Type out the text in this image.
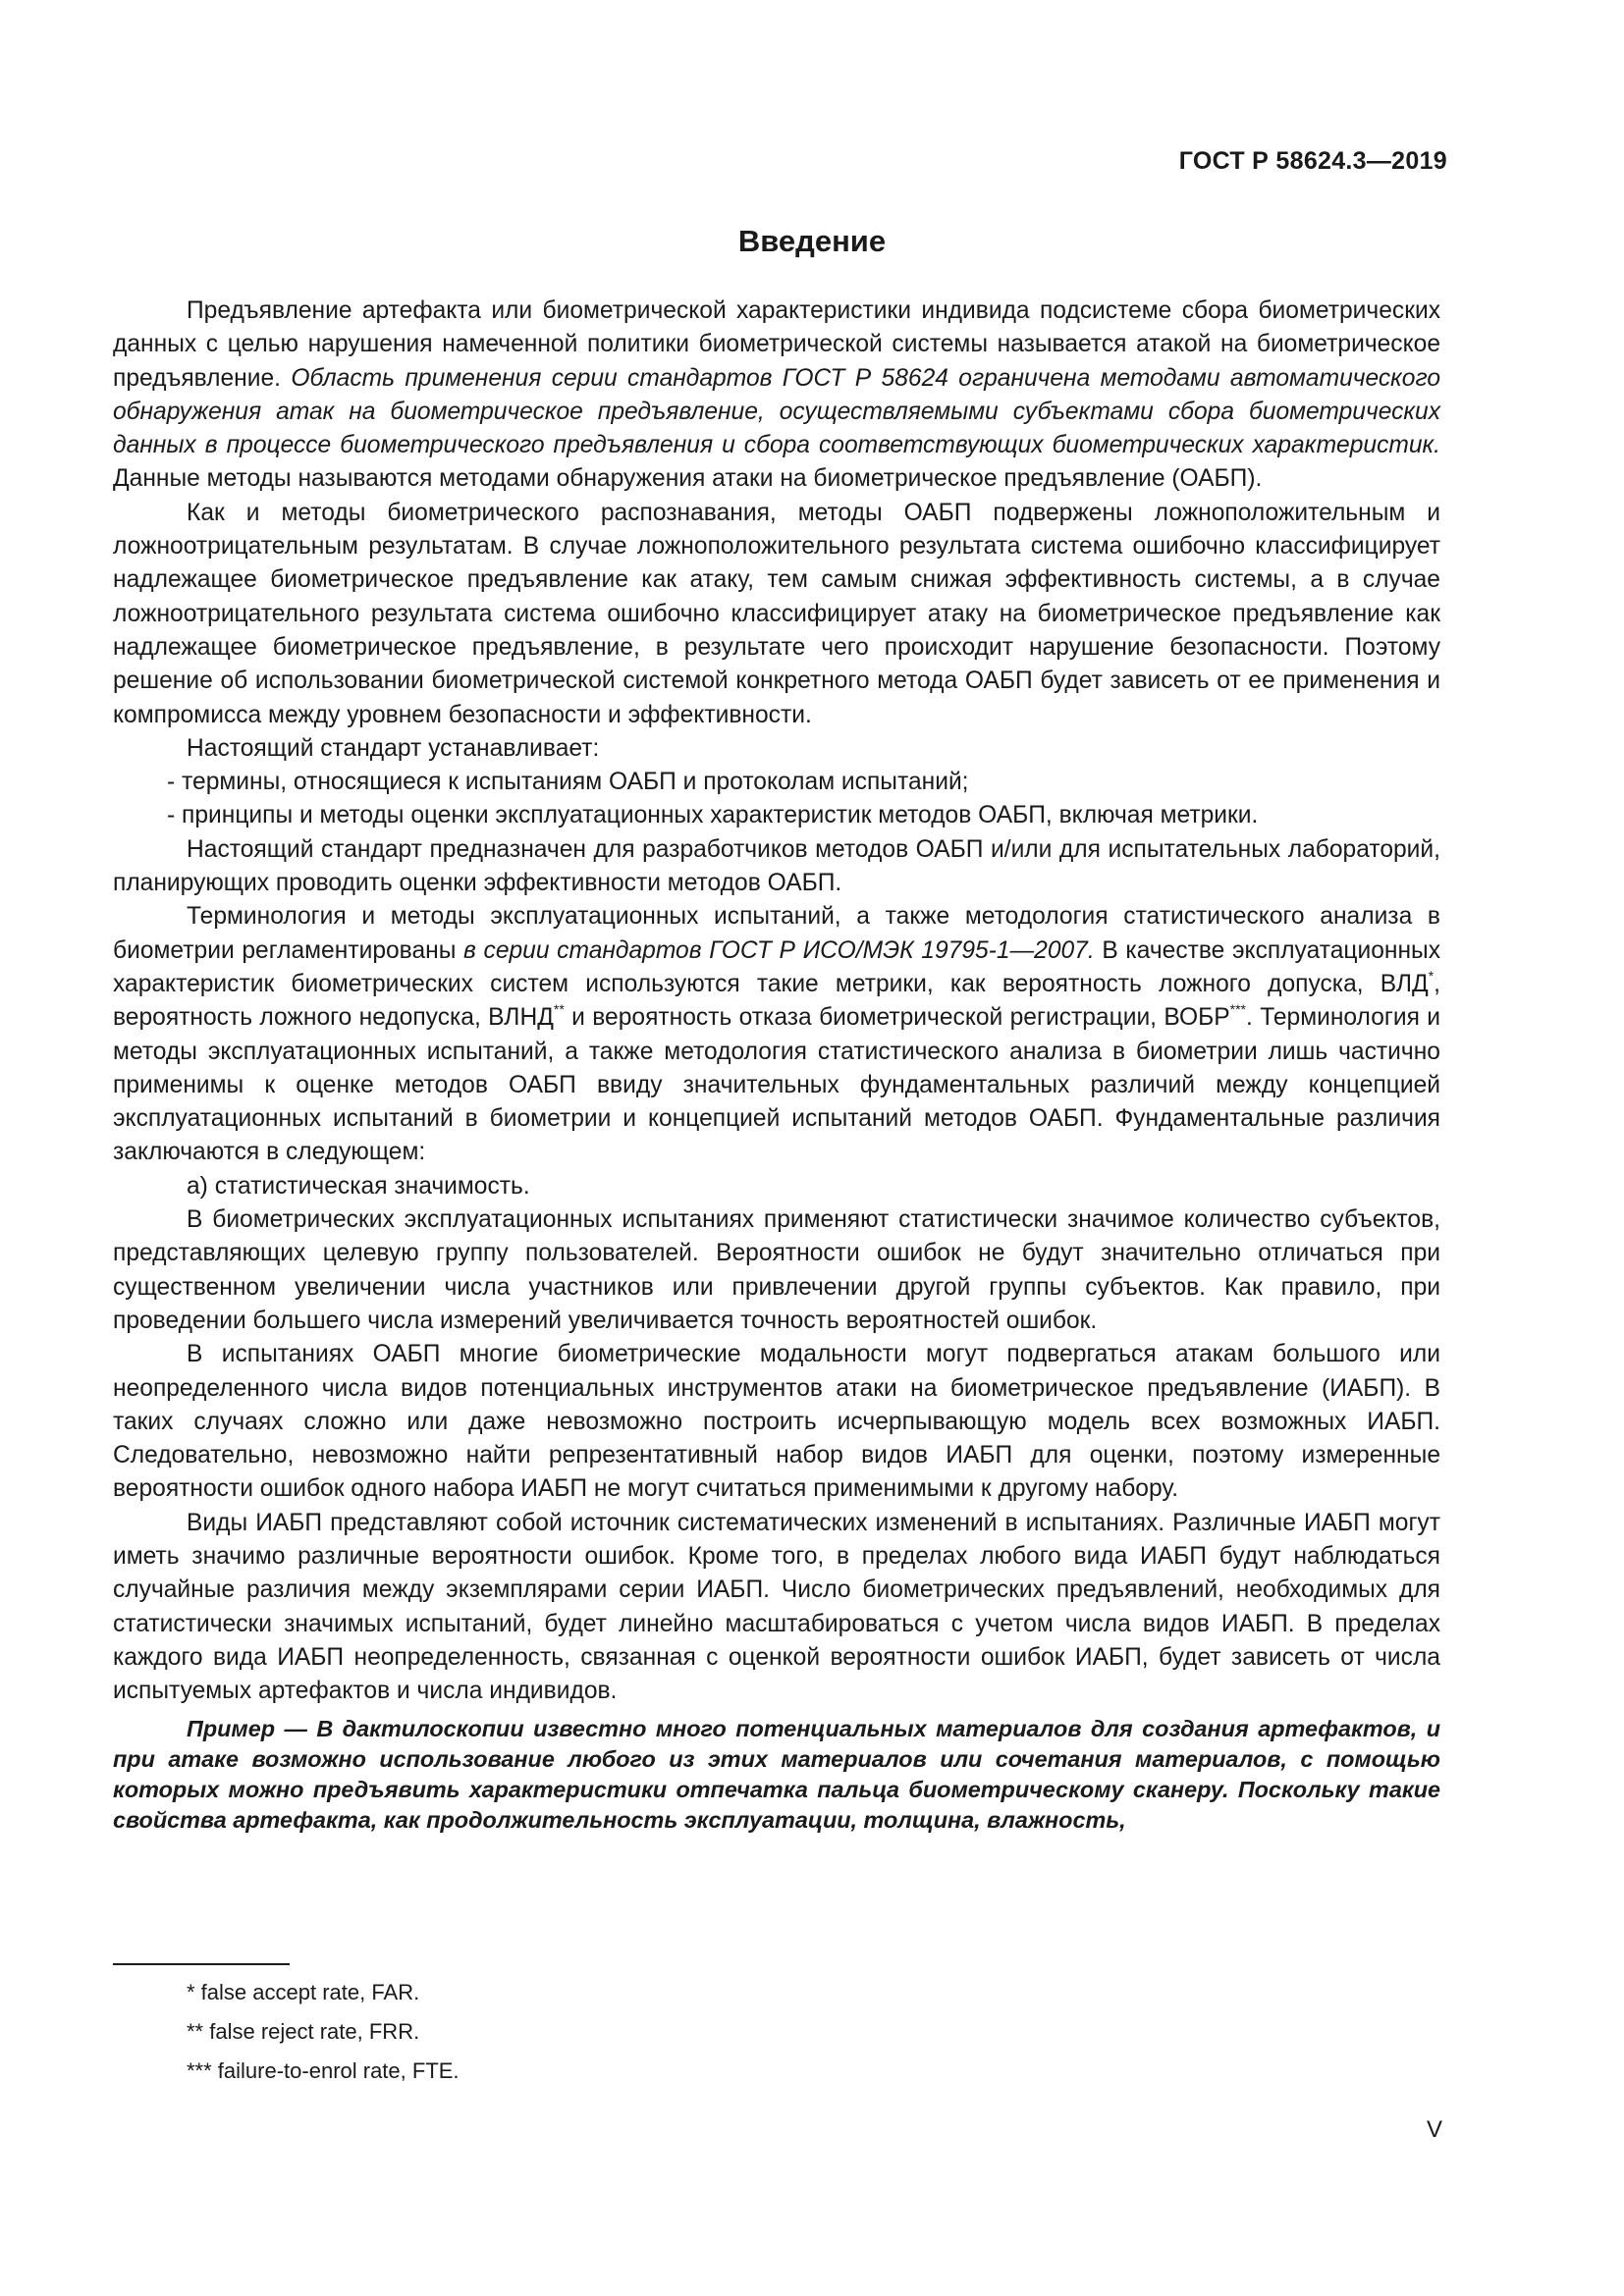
ГОСТ Р 58624.3—2019
Введение

Предъявление артефакта или биометрической характеристики индивида подсистеме сбора биометрических данных с целью нарушения намеченной политики биометрической системы называется атакой на биометрическое предъявление. Область применения серии стандартов ГОСТ Р 58624 ограничена методами автоматического обнаружения атак на биометрическое предъявление, осуществляемыми субъектами сбора биометрических данных в процессе биометрического предъявления и сбора соответствующих биометрических характеристик. Данные методы называются методами обнаружения атаки на биометрическое предъявление (ОАБП).

Как и методы биометрического распознавания, методы ОАБП подвержены ложноположительным и ложноотрицательным результатам. В случае ложноположительного результата система ошибочно классифицирует надлежащее биометрическое предъявление как атаку, тем самым снижая эффективность системы, а в случае ложноотрицательного результата система ошибочно классифицирует атаку на биометрическое предъявление как надлежащее биометрическое предъявление, в результате чего происходит нарушение безопасности. Поэтому решение об использовании биометрической системой конкретного метода ОАБП будет зависеть от ее применения и компромисса между уровнем безопасности и эффективности.

Настоящий стандарт устанавливает:

- термины, относящиеся к испытаниям ОАБП и протоколам испытаний;

- принципы и методы оценки эксплуатационных характеристик методов ОАБП, включая метрики.

Настоящий стандарт предназначен для разработчиков методов ОАБП и/или для испытательных лабораторий, планирующих проводить оценки эффективности методов ОАБП.

Терминология и методы эксплуатационных испытаний, а также методология статистического анализа в биометрии регламентированы в серии стандартов ГОСТ Р ИСО/МЭК 19795-1—2007. В качестве эксплуатационных характеристик биометрических систем используются такие метрики, как вероятность ложного допуска, ВЛД*, вероятность ложного недопуска, ВЛНД** и вероятность отказа биометрической регистрации, ВОБР***. Терминология и методы эксплуатационных испытаний, а также методология статистического анализа в биометрии лишь частично применимы к оценке методов ОАБП ввиду значительных фундаментальных различий между концепцией эксплуатационных испытаний в биометрии и концепцией испытаний методов ОАБП. Фундаментальные различия заключаются в следующем:

а) статистическая значимость.

В биометрических эксплуатационных испытаниях применяют статистически значимое количество субъектов, представляющих целевую группу пользователей. Вероятности ошибок не будут значительно отличаться при существенном увеличении числа участников или привлечении другой группы субъектов. Как правило, при проведении большего числа измерений увеличивается точность вероятностей ошибок.

В испытаниях ОАБП многие биометрические модальности могут подвергаться атакам большого или неопределенного числа видов потенциальных инструментов атаки на биометрическое предъявление (ИАБП). В таких случаях сложно или даже невозможно построить исчерпывающую модель всех возможных ИАБП. Следовательно, невозможно найти репрезентативный набор видов ИАБП для оценки, поэтому измеренные вероятности ошибок одного набора ИАБП не могут считаться применимыми к другому набору.

Виды ИАБП представляют собой источник систематических изменений в испытаниях. Различные ИАБП могут иметь значимо различные вероятности ошибок. Кроме того, в пределах любого вида ИАБП будут наблюдаться случайные различия между экземплярами серии ИАБП. Число биометрических предъявлений, необходимых для статистически значимых испытаний, будет линейно масштабироваться с учетом числа видов ИАБП. В пределах каждого вида ИАБП неопределенность, связанная с оценкой вероятности ошибок ИАБП, будет зависеть от числа испытуемых артефактов и числа индивидов.

Пример — В дактилоскопии известно много потенциальных материалов для создания артефактов, и при атаке возможно использование любого из этих материалов или сочетания материалов, с помощью которых можно предъявить характеристики отпечатка пальца биометрическому сканеру. Поскольку такие свойства артефакта, как продолжительность эксплуатации, толщина, влажность,

* false accept rate, FAR.
** false reject rate, FRR.
*** failure-to-enrol rate, FTE.
V
